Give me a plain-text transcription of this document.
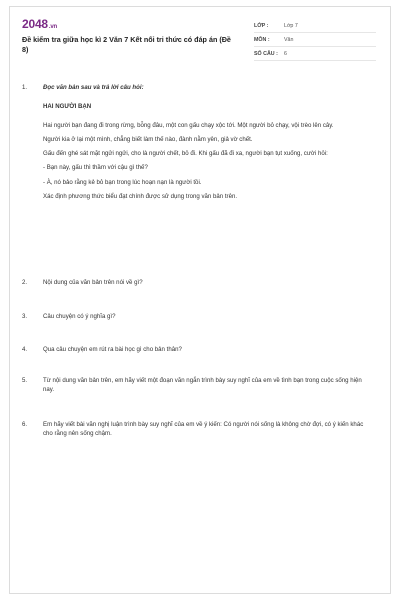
2048.vn
Đề kiểm tra giữa học kì 2 Văn 7 Kết nối tri thức có đáp án (Đề 8)
LỚP :	Lớp 7
MÔN :	Văn
SỐ CÂU :	6
1.	Đọc văn bản sau và trả lời câu hỏi:
HAI NGƯỜI BẠN
Hai người bạn đang đi trong rừng, bỗng đâu, một con gấu chạy xộc tới. Một người bỏ chạy, vội trèo lên cây.
Người kia ở lại một mình, chẳng biết làm thế nào, đành nằm yên, giả vờ chết.
Gấu đến ghé sát mặt ngửi ngửi, cho là người chết, bỏ đi. Khi gấu đã đi xa, người bạn tụt xuống, cười hỏi:
- Bạn này, gấu thì thầm với cậu gì thế?
- À, nó bảo rằng kẻ bỏ bạn trong lúc hoạn nạn là người tồi.
Xác định phương thức biểu đạt chính được sử dụng trong văn bản trên.
2.	Nội dung của văn bản trên nói về gì?
3.	Câu chuyện có ý nghĩa gì?
4.	Qua câu chuyện em rút ra bài học gì cho bản thân?
5.	Từ nội dung văn bản trên, em hãy viết một đoạn văn ngắn trình bày suy nghĩ của em về tình bạn trong cuộc sống hiện nay.
6.	Em hãy viết bài văn nghị luận trình bày suy nghĩ của em về ý kiến: Có người nói sống là không chờ đợi, có ý kiến khác cho rằng nên sống chậm.
